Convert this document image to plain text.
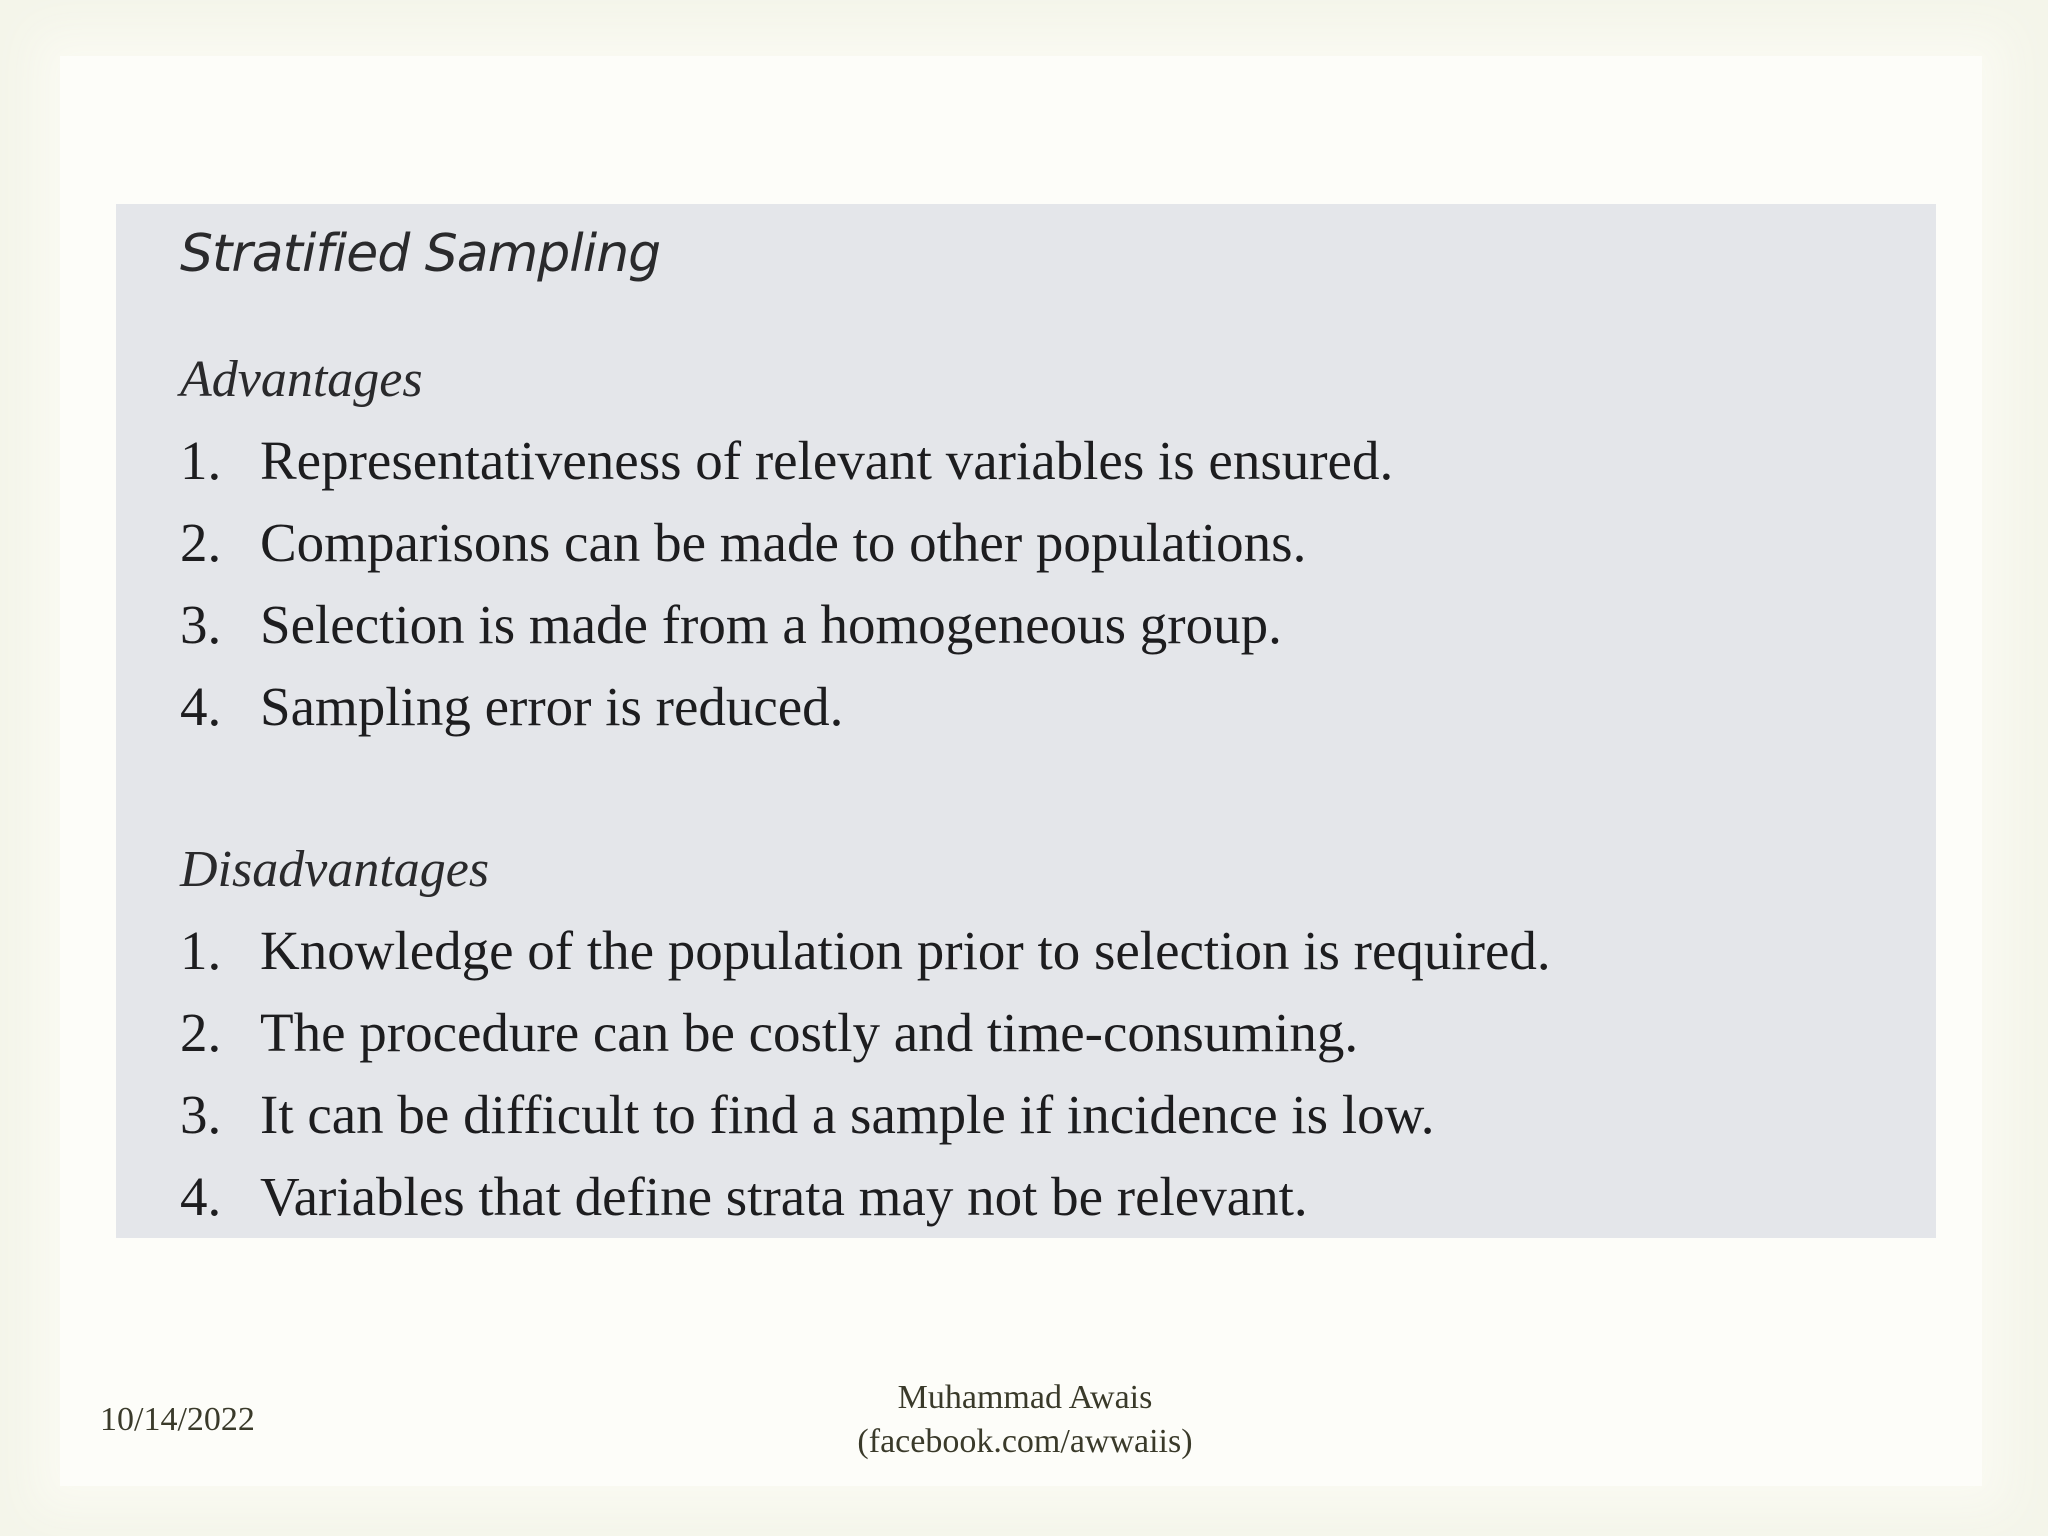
Stratified Sampling
Advantages
1. Representativeness of relevant variables is ensured.
2. Comparisons can be made to other populations.
3. Selection is made from a homogeneous group.
4. Sampling error is reduced.
Disadvantages
1. Knowledge of the population prior to selection is required.
2. The procedure can be costly and time-consuming.
3. It can be difficult to find a sample if incidence is low.
4. Variables that define strata may not be relevant.
10/14/2022
Muhammad Awais
(facebook.com/awwaiis)
